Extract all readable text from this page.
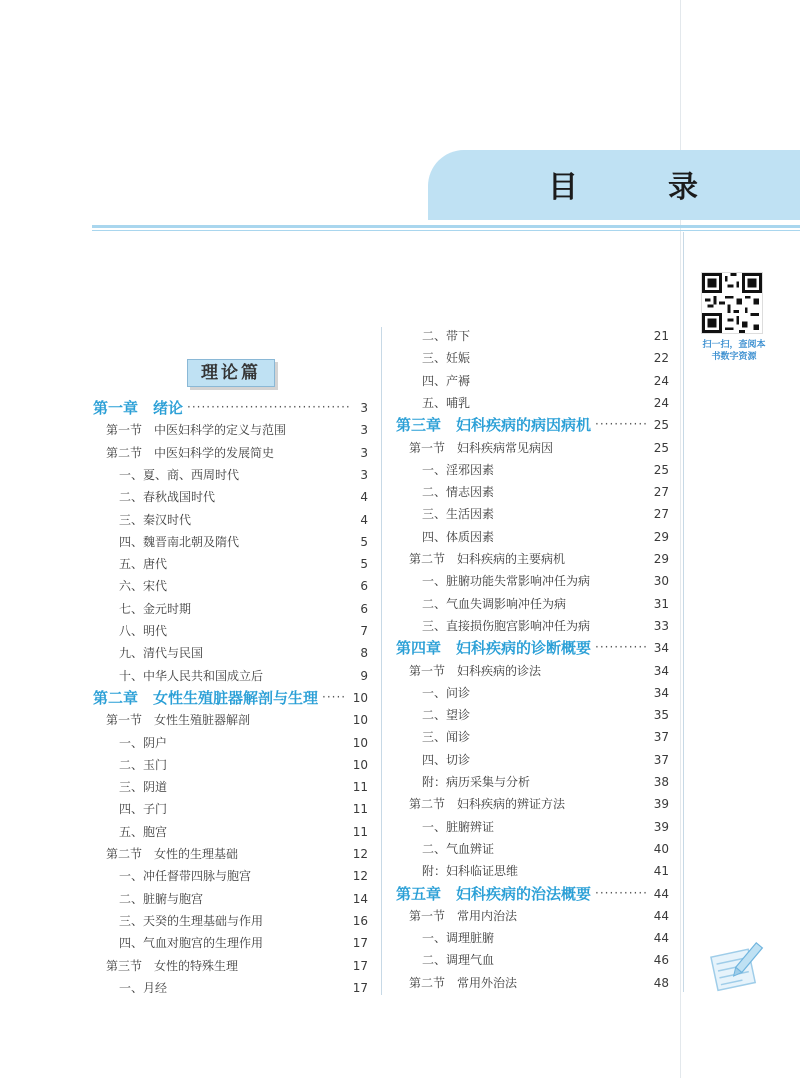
目　录
理论篇
第一章　绪论 ·································· 3
第一节　中医妇科学的定义与范围	3
第二节　中医妇科学的发展简史	3
一、夏、商、西周时代	3
二、春秋战国时代	4
三、秦汉时代	4
四、魏晋南北朝及隋代	5
五、唐代	5
六、宋代	6
七、金元时期	6
八、明代	7
九、清代与民国	8
十、中华人民共和国成立后	9
第二章　女性生殖脏器解剖与生理 ····· 10
第一节　女性生殖脏器解剖	10
一、阴户	10
二、玉门	10
三、阴道	11
四、子门	11
五、胞宫	11
第二节　女性的生理基础	12
一、冲任督带四脉与胞宫	12
二、脏腑与胞宫	14
三、天癸的生理基础与作用	16
四、气血对胞宫的生理作用	17
第三节　女性的特殊生理	17
一、月经	17
二、带下	21
三、妊娠	22
四、产褥	24
五、哺乳	24
第三章　妇科疾病的病因病机 ··········· 25
第一节　妇科疾病常见病因	25
一、淫邪因素	25
二、情志因素	27
三、生活因素	27
四、体质因素	29
第二节　妇科疾病的主要病机	29
一、脏腑功能失常影响冲任为病	30
二、气血失调影响冲任为病	31
三、直接损伤胞宫影响冲任为病	33
第四章　妇科疾病的诊断概要 ··········· 34
第一节　妇科疾病的诊法	34
一、问诊	34
二、望诊	35
三、闻诊	37
四、切诊	37
附：病历采集与分析	38
第二节　妇科疾病的辨证方法	39
一、脏腑辨证	39
二、气血辨证	40
附：妇科临证思维	41
第五章　妇科疾病的治法概要 ··········· 44
第一节　常用内治法	44
一、调理脏腑	44
二、调理气血	46
第二节　常用外治法	48
扫一扫，查阅本
书数字资源
